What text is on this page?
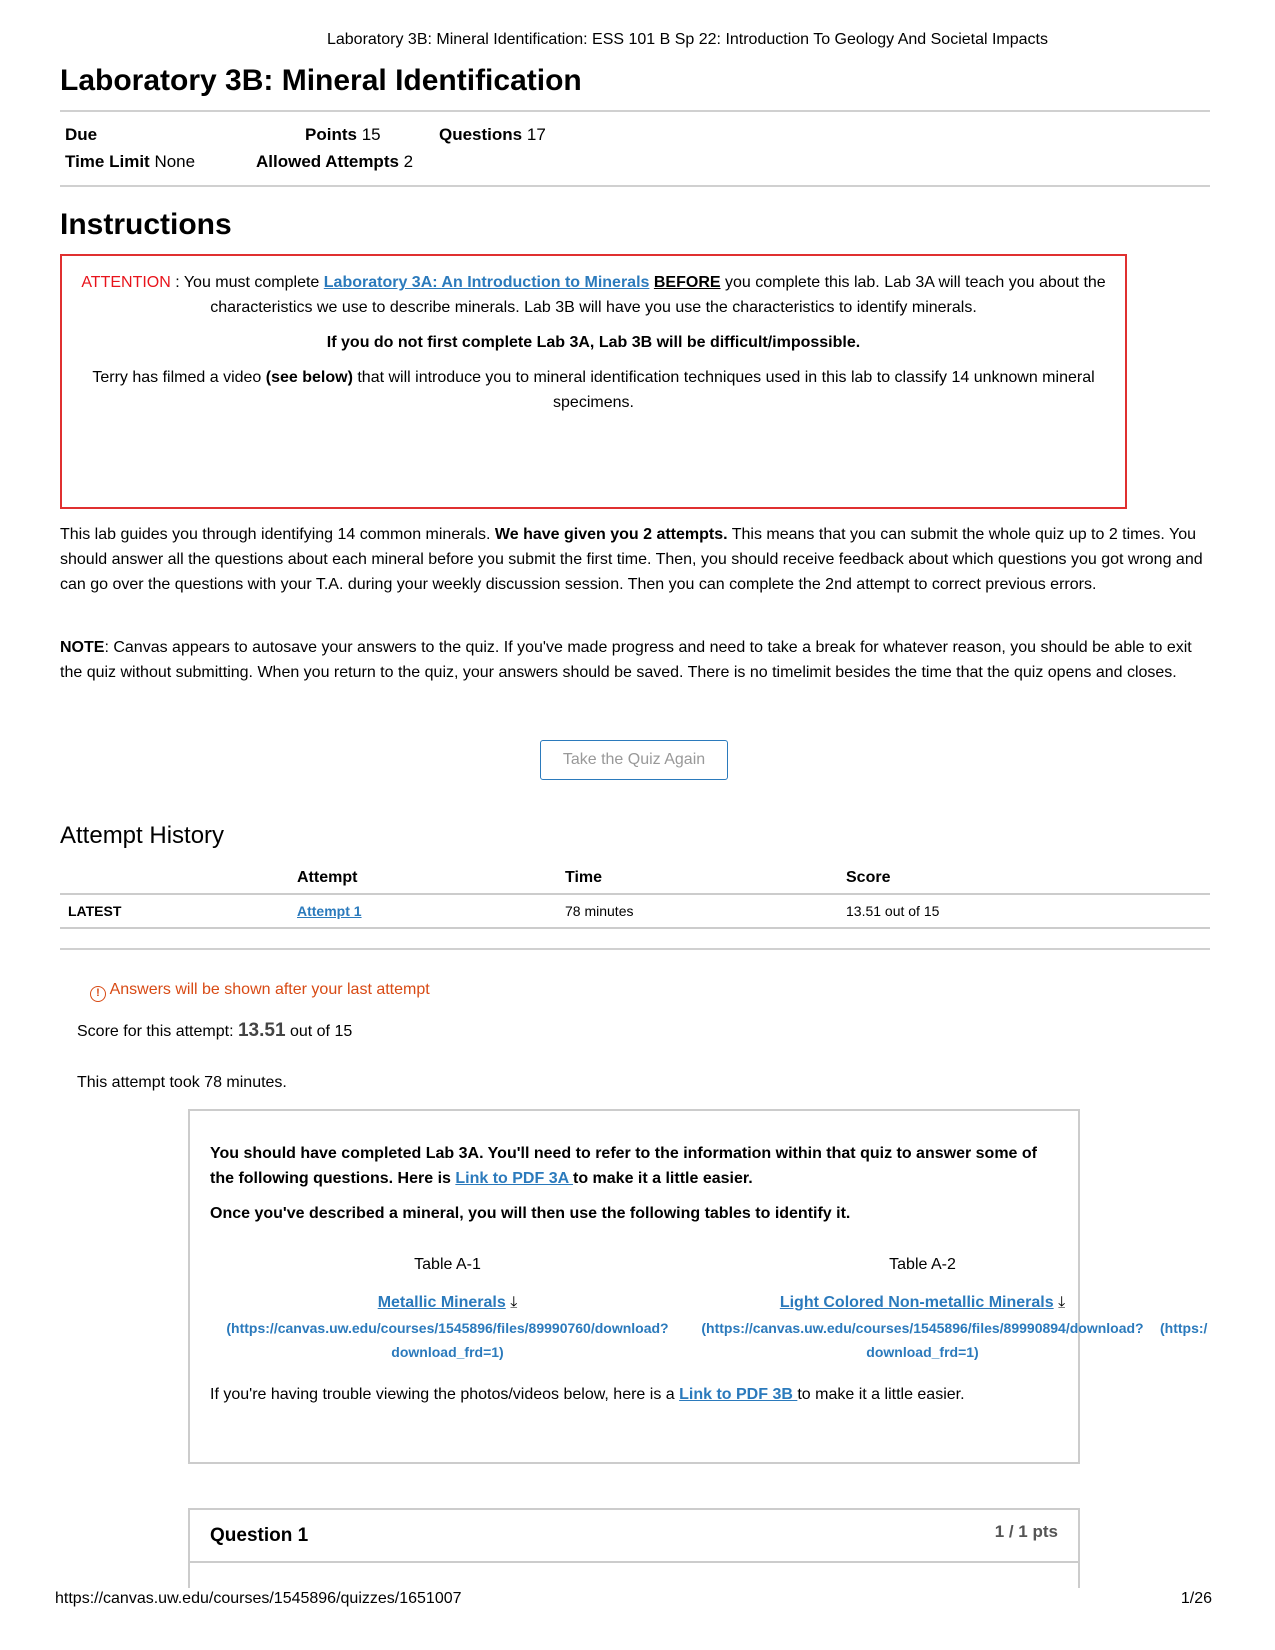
Laboratory 3B: Mineral Identification: ESS 101 B Sp 22: Introduction To Geology And Societal Impacts
Laboratory 3B: Mineral Identification
Due	Points 15	Questions 17
Time Limit None	Allowed Attempts 2
Instructions

ATTENTION : You must complete Laboratory 3A: An Introduction to Minerals BEFORE you complete this lab. Lab 3A will teach you about the characteristics we use to describe minerals. Lab 3B will have you use the characteristics to identify minerals.

If you do not first complete Lab 3A, Lab 3B will be difficult/impossible.

Terry has filmed a video (see below) that will introduce you to mineral identification techniques used in this lab to classify 14 unknown mineral specimens.

This lab guides you through identifying 14 common minerals. We have given you 2 attempts. This means that you can submit the whole quiz up to 2 times. You should answer all the questions about each mineral before you submit the first time. Then, you should receive feedback about which questions you got wrong and can go over the questions with your T.A. during your weekly discussion session. Then you can complete the 2nd attempt to correct previous errors.
NOTE: Canvas appears to autosave your answers to the quiz. If you've made progress and need to take a break for whatever reason, you should be able to exit the quiz without submitting. When you return to the quiz, your answers should be saved. There is no timelimit besides the time that the quiz opens and closes.
Take the Quiz Again
Attempt History
	Attempt	Time	Score
LATEST	Attempt 1	78 minutes	13.51 out of 15
! Answers will be shown after your last attempt
Score for this attempt: 13.51 out of 15
This attempt took 78 minutes.

You should have completed Lab 3A. You'll need to refer to the information within that quiz to answer some of the following questions. Here is Link to PDF 3A to make it a little easier.

Once you've described a mineral, you will then use the following tables to identify it.

Table A-1
Metallic Minerals ⤓
(https://canvas.uw.edu/courses/1545896/files/89990760/download? download_frd=1)
Table A-2
Light Colored Non-metallic Minerals ⤓
(https://canvas.uw.edu/courses/1545896/files/89990894/download? download_frd=1)
(https:/

If you're having trouble viewing the photos/videos below, here is a Link to PDF 3B to make it a little easier.

Question 1	1 / 1 pts
https://canvas.uw.edu/courses/1545896/quizzes/1651007	1/26
